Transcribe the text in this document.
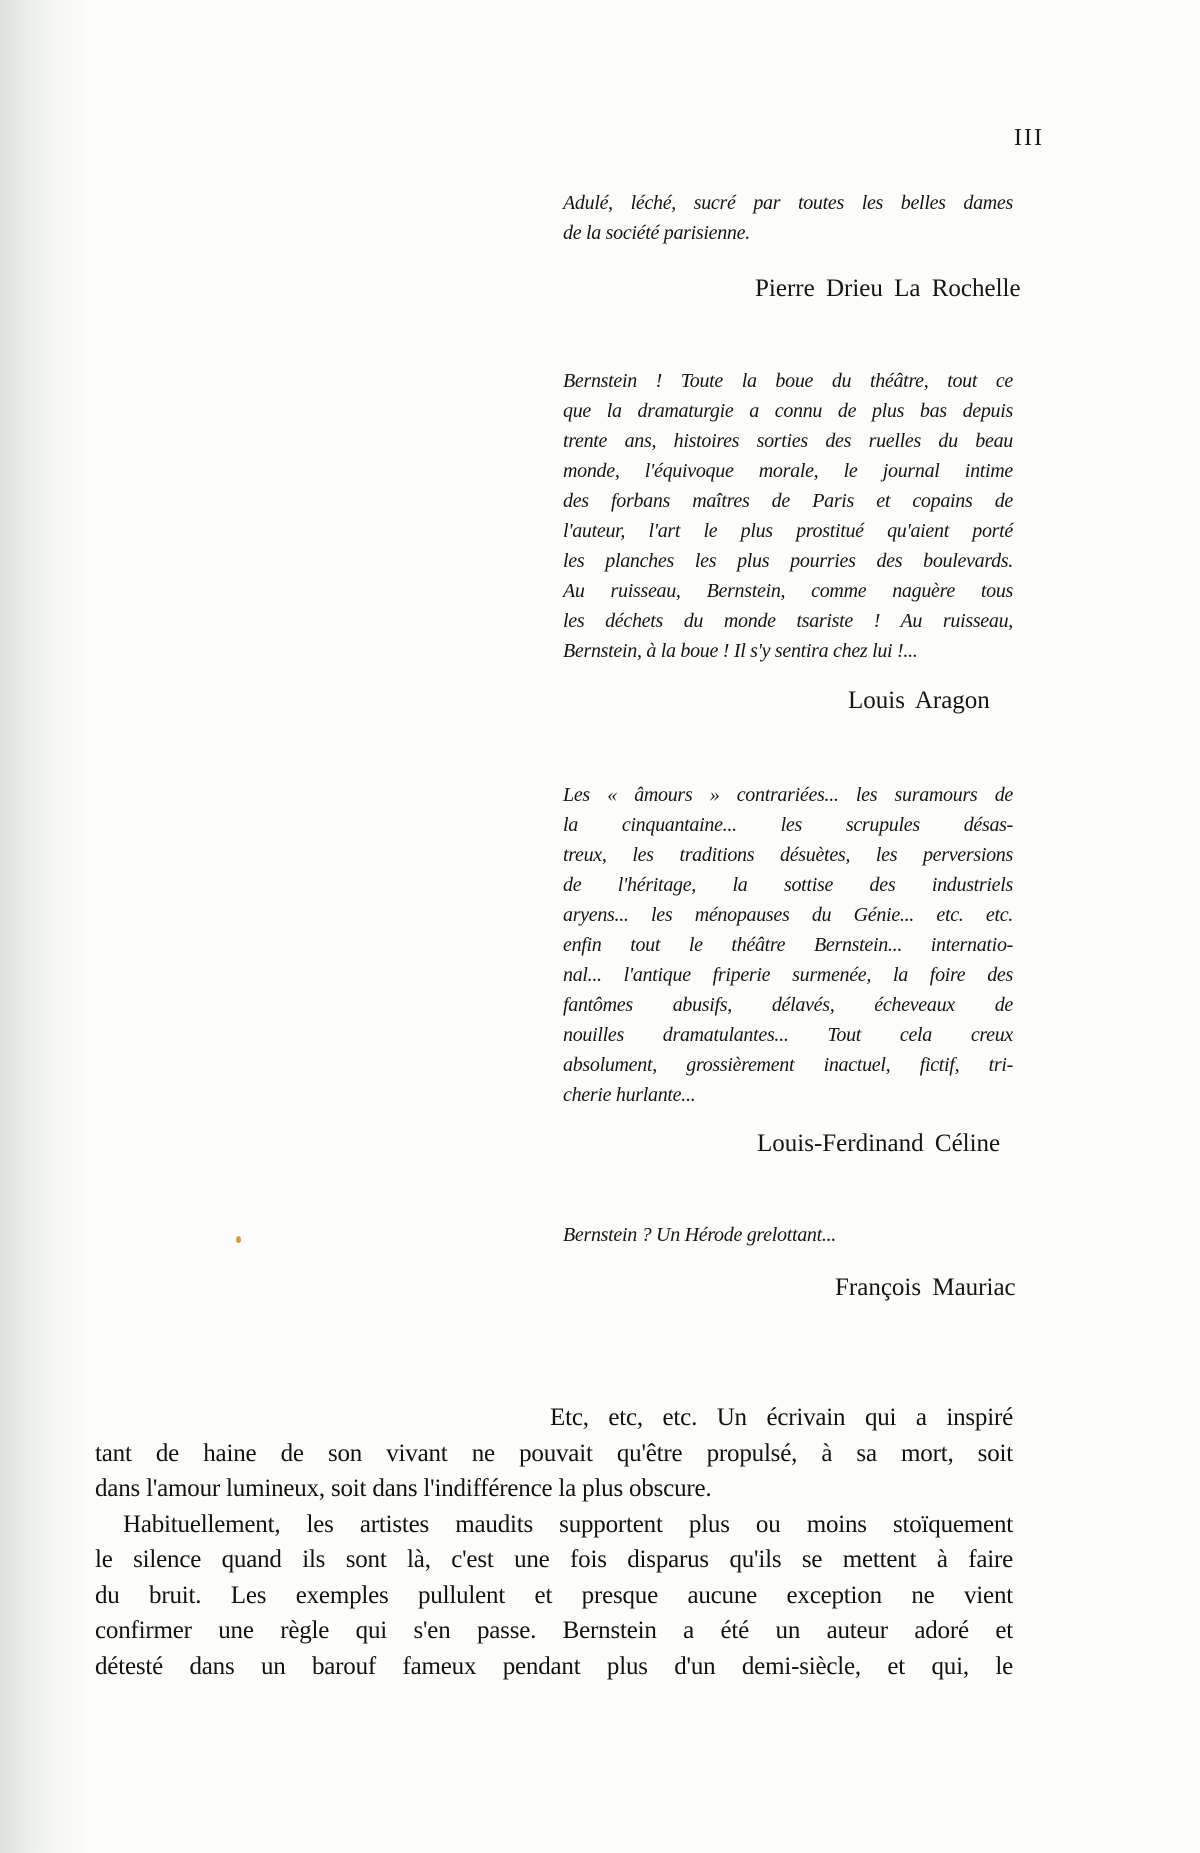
III
Adulé, léché, sucré par toutes les belles dames
de la société parisienne.
Pierre Drieu La Rochelle
Bernstein ! Toute la boue du théâtre, tout ce
que la dramaturgie a connu de plus bas depuis
trente ans, histoires sorties des ruelles du beau
monde, l'équivoque morale, le journal intime
des forbans maîtres de Paris et copains de
l'auteur, l'art le plus prostitué qu'aient porté
les planches les plus pourries des boulevards.
Au ruisseau, Bernstein, comme naguère tous
les déchets du monde tsariste ! Au ruisseau,
Bernstein, à la boue ! Il s'y sentira chez lui !...
Louis Aragon
Les « âmours » contrariées... les suramours de
la cinquantaine... les scrupules désas-
treux, les traditions désuètes, les perversions
de l'héritage, la sottise des industriels
aryens... les ménopauses du Génie... etc. etc.
enfin tout le théâtre Bernstein... internatio-
nal... l'antique friperie surmenée, la foire des
fantômes abusifs, délavés, écheveaux de
nouilles dramatulantes... Tout cela creux
absolument, grossièrement inactuel, fictif, tri-
cherie hurlante...
Louis-Ferdinand Céline
Bernstein ? Un Hérode grelottant...
François Mauriac
Etc, etc, etc. Un écrivain qui a inspiré
tant de haine de son vivant ne pouvait qu'être propulsé, à sa mort, soit
dans l'amour lumineux, soit dans l'indifférence la plus obscure.
Habituellement, les artistes maudits supportent plus ou moins stoïquement
le silence quand ils sont là, c'est une fois disparus qu'ils se mettent à faire
du bruit. Les exemples pullulent et presque aucune exception ne vient
confirmer une règle qui s'en passe. Bernstein a été un auteur adoré et
détesté dans un barouf fameux pendant plus d'un demi-siècle, et qui, le
